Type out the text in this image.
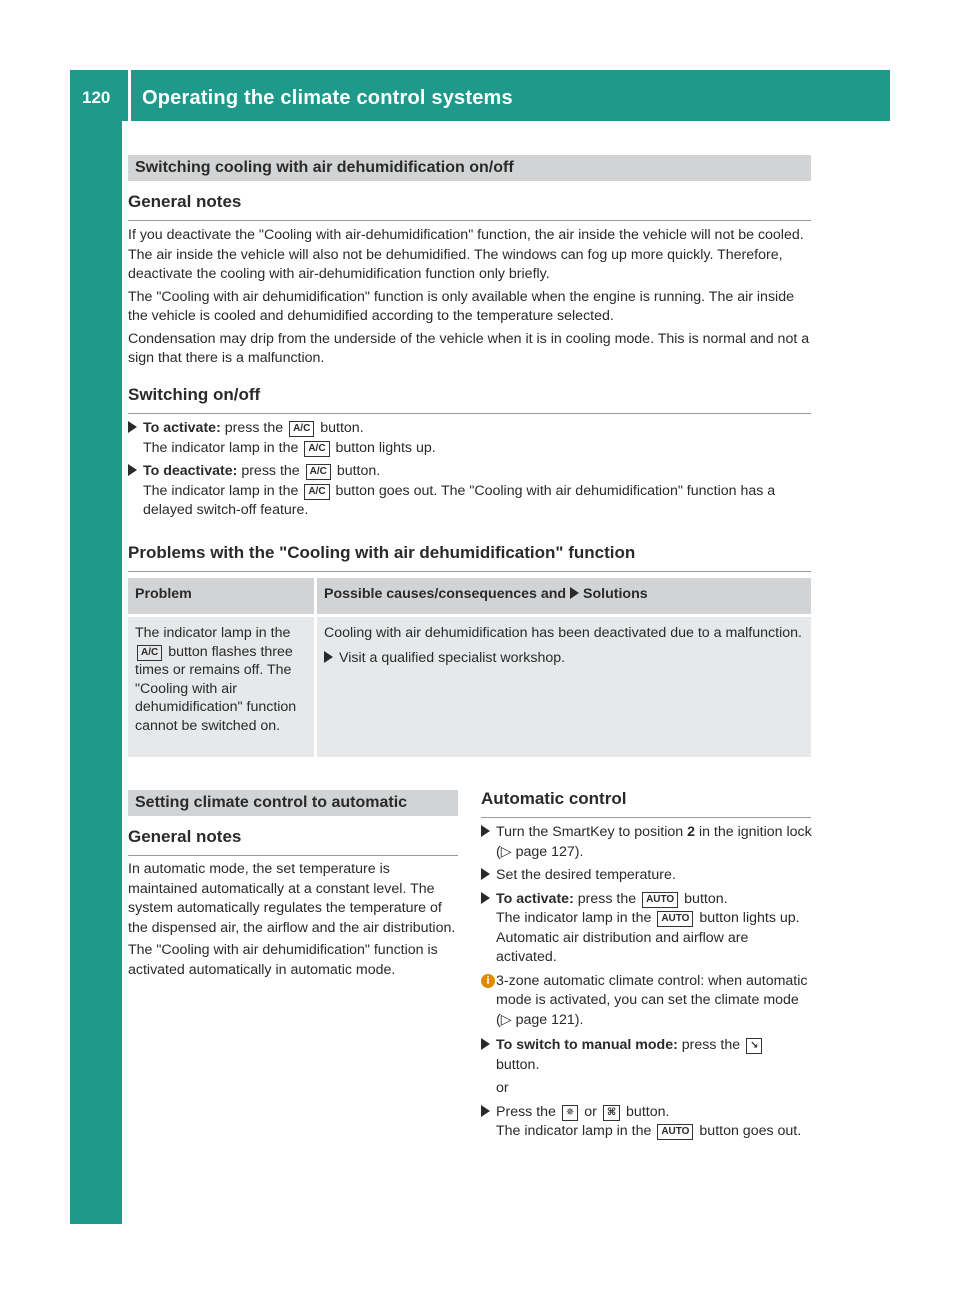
120 Operating the climate control systems
Climate control
Switching cooling with air dehumidification on/off
General notes

If you deactivate the "Cooling with air-dehumidification" function, the air inside the vehicle will not be cooled. The air inside the vehicle will also not be dehumidified. The windows can fog up more quickly. Therefore, deactivate the cooling with air-dehumidification function only briefly.

The "Cooling with air dehumidification" function is only available when the engine is running. The air inside the vehicle is cooled and dehumidified according to the temperature selected.

Condensation may drip from the underside of the vehicle when it is in cooling mode. This is normal and not a sign that there is a malfunction.

Switching on/off
To activate: press the A/C button.
The indicator lamp in the A/C button lights up.
To deactivate: press the A/C button.
The indicator lamp in the A/C button goes out. The "Cooling with air dehumidification" function has a delayed switch-off feature.
Problems with the "Cooling with air dehumidification" function
Problem	Possible causes/consequences and Solutions
The indicator lamp in the A/C button flashes three times or remains off. The "Cooling with air dehumidification" function cannot be switched on.	Cooling with air dehumidification has been deactivated due to a malfunction.
Visit a qualified specialist workshop.
Setting climate control to automatic
General notes

In automatic mode, the set temperature is maintained automatically at a constant level. The system automatically regulates the temperature of the dispensed air, the airflow and the air distribution.

The "Cooling with air dehumidification" function is activated automatically in automatic mode.

Automatic control
Turn the SmartKey to position 2 in the ignition lock (▷ page 127).
Set the desired temperature.
To activate: press the AUTO button.
The indicator lamp in the AUTO button lights up. Automatic air distribution and airflow are activated.
i 3-zone automatic climate control: when automatic mode is activated, you can set the climate mode (▷ page 121).
To switch to manual mode: press the ↘
button.
or
Press the ✵ or ⌘ button.
The indicator lamp in the AUTO button goes out.
